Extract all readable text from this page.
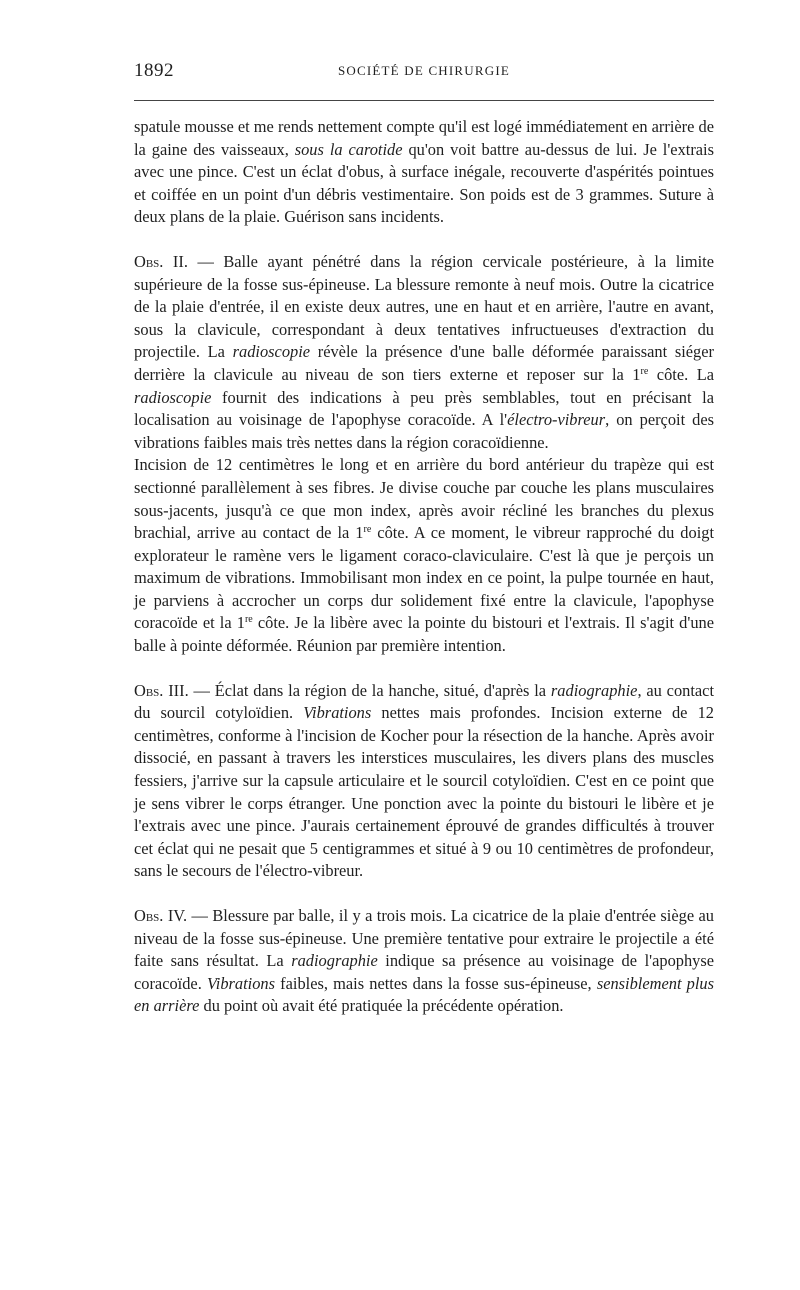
1892	SOCIÉTÉ DE CHIRURGIE

spatule mousse et me rends nettement compte qu'il est logé immédiatement en arrière de la gaine des vaisseaux, sous la carotide qu'on voit battre au-dessus de lui. Je l'extrais avec une pince. C'est un éclat d'obus, à surface inégale, recouverte d'aspérités pointues et coiffée en un point d'un débris vestimentaire. Son poids est de 3 grammes. Suture à deux plans de la plaie. Guérison sans incidents.

Obs. II. — Balle ayant pénétré dans la région cervicale postérieure, à la limite supérieure de la fosse sus-épineuse. La blessure remonte à neuf mois. Outre la cicatrice de la plaie d'entrée, il en existe deux autres, une en haut et en arrière, l'autre en avant, sous la clavicule, correspondant à deux tentatives infructueuses d'extraction du projectile. La radioscopie révèle la présence d'une balle déformée paraissant siéger derrière la clavicule au niveau de son tiers externe et reposer sur la 1re côte. La radioscopie fournit des indications à peu près semblables, tout en précisant la localisation au voisinage de l'apophyse coracoïde. A l'électro-vibreur, on perçoit des vibrations faibles mais très nettes dans la région coracoïdienne.

Incision de 12 centimètres le long et en arrière du bord antérieur du trapèze qui est sectionné parallèlement à ses fibres. Je divise couche par couche les plans musculaires sous-jacents, jusqu'à ce que mon index, après avoir récliné les branches du plexus brachial, arrive au contact de la 1re côte. A ce moment, le vibreur rapproché du doigt explorateur le ramène vers le ligament coraco-claviculaire. C'est là que je perçois un maximum de vibrations. Immobilisant mon index en ce point, la pulpe tournée en haut, je parviens à accrocher un corps dur solidement fixé entre la clavicule, l'apophyse coracoïde et la 1re côte. Je la libère avec la pointe du bistouri et l'extrais. Il s'agit d'une balle à pointe déformée. Réunion par première intention.

Obs. III. — Éclat dans la région de la hanche, situé, d'après la radiographie, au contact du sourcil cotyloïdien. Vibrations nettes mais profondes. Incision externe de 12 centimètres, conforme à l'incision de Kocher pour la résection de la hanche. Après avoir dissocié, en passant à travers les interstices musculaires, les divers plans des muscles fessiers, j'arrive sur la capsule articulaire et le sourcil cotyloïdien. C'est en ce point que je sens vibrer le corps étranger. Une ponction avec la pointe du bistouri le libère et je l'extrais avec une pince. J'aurais certainement éprouvé de grandes difficultés à trouver cet éclat qui ne pesait que 5 centigrammes et situé à 9 ou 10 centimètres de profondeur, sans le secours de l'électro-vibreur.

Obs. IV. — Blessure par balle, il y a trois mois. La cicatrice de la plaie d'entrée siège au niveau de la fosse sus-épineuse. Une première tentative pour extraire le projectile a été faite sans résultat. La radiographie indique sa présence au voisinage de l'apophyse coracoïde. Vibrations faibles, mais nettes dans la fosse sus-épineuse, sensiblement plus en arrière du point où avait été pratiquée la précédente opération.
